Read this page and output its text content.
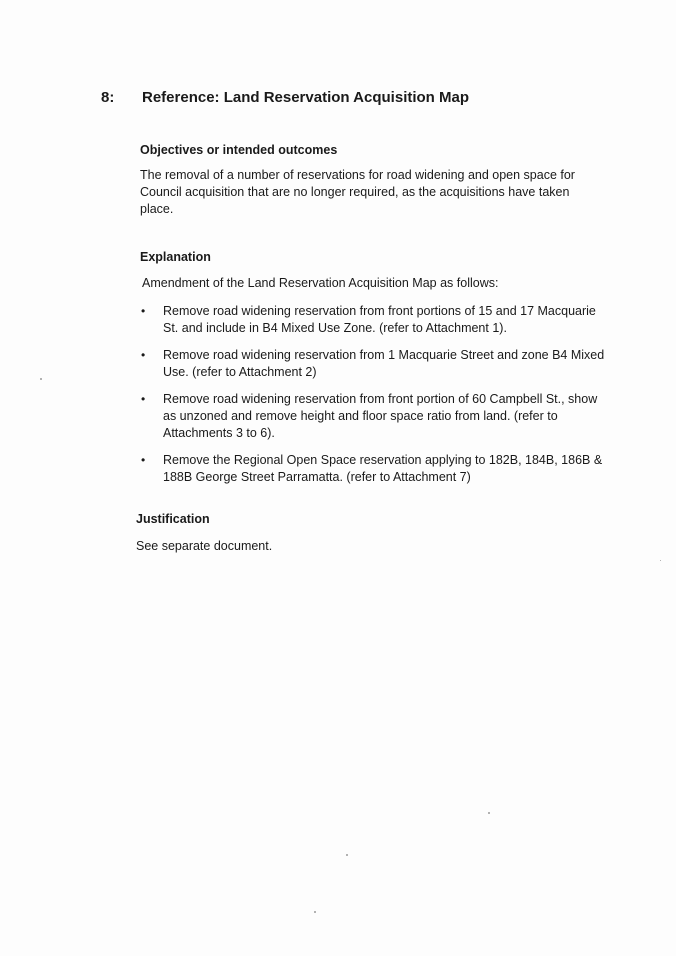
8: Reference: Land Reservation Acquisition Map
Objectives or intended outcomes
The removal of a number of reservations for road widening and open space for Council acquisition that are no longer required, as the acquisitions have taken place.
Explanation
Amendment of the Land Reservation Acquisition Map as follows:
• Remove road widening reservation from front portions of 15 and 17 Macquarie St. and include in B4 Mixed Use Zone. (refer to Attachment 1).
• Remove road widening reservation from 1 Macquarie Street and zone B4 Mixed Use. (refer to Attachment 2)
• Remove road widening reservation from front portion of 60 Campbell St., show as unzoned and remove height and floor space ratio from land. (refer to Attachments 3 to 6).
• Remove the Regional Open Space reservation applying to 182B, 184B, 186B & 188B George Street Parramatta. (refer to Attachment 7)
Justification
See separate document.
